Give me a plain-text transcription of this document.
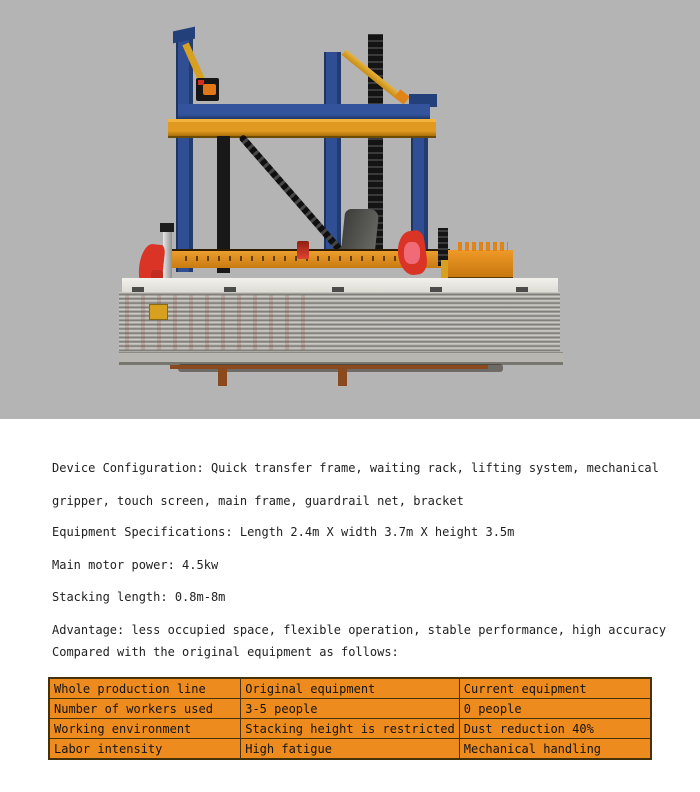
Device Configuration: Quick transfer frame, waiting rack, lifting system, mechanical
gripper, touch screen, main frame, guardrail net, bracket
Equipment Specifications: Length 2.4m X width 3.7m X height 3.5m
Main motor power: 4.5kw
Stacking length: 0.8m-8m
Advantage: less occupied space, flexible operation, stable performance, high accuracy
Compared with the original equipment as follows:
Whole production line	Original equipment	Current equipment
Number of workers used	3-5 people	0 people
Working environment	Stacking height is restricted	Dust reduction 40%
Labor intensity	High fatigue	Mechanical handling
